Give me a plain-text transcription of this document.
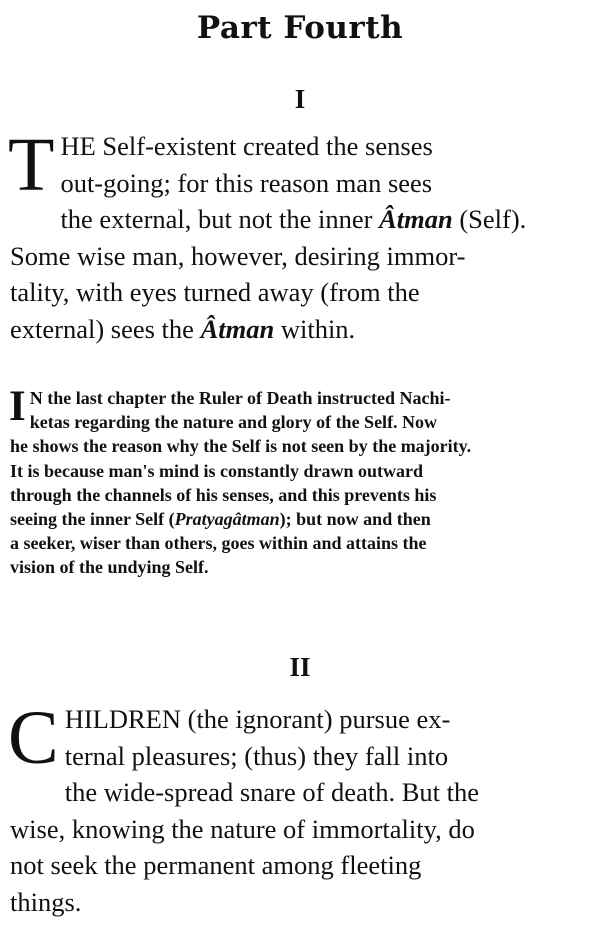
Part Fourth
I
T HE Self-existent created the senses
out-going; for this reason man sees
the external, but not the inner Âtman (Self).
Some wise man, however, desiring immor-
tality, with eyes turned away (from the
external) sees the Âtman within.
I N the last chapter the Ruler of Death instructed Nachi-
ketas regarding the nature and glory of the Self. Now
he shows the reason why the Self is not seen by the majority.
It is because man's mind is constantly drawn outward
through the channels of his senses, and this prevents his
seeing the inner Self (Pratyagâtman); but now and then
a seeker, wiser than others, goes within and attains the
vision of the undying Self.
II
C HILDREN (the ignorant) pursue ex-
ternal pleasures; (thus) they fall into
the wide-spread snare of death. But the
wise, knowing the nature of immortality, do
not seek the permanent among fleeting
things.
